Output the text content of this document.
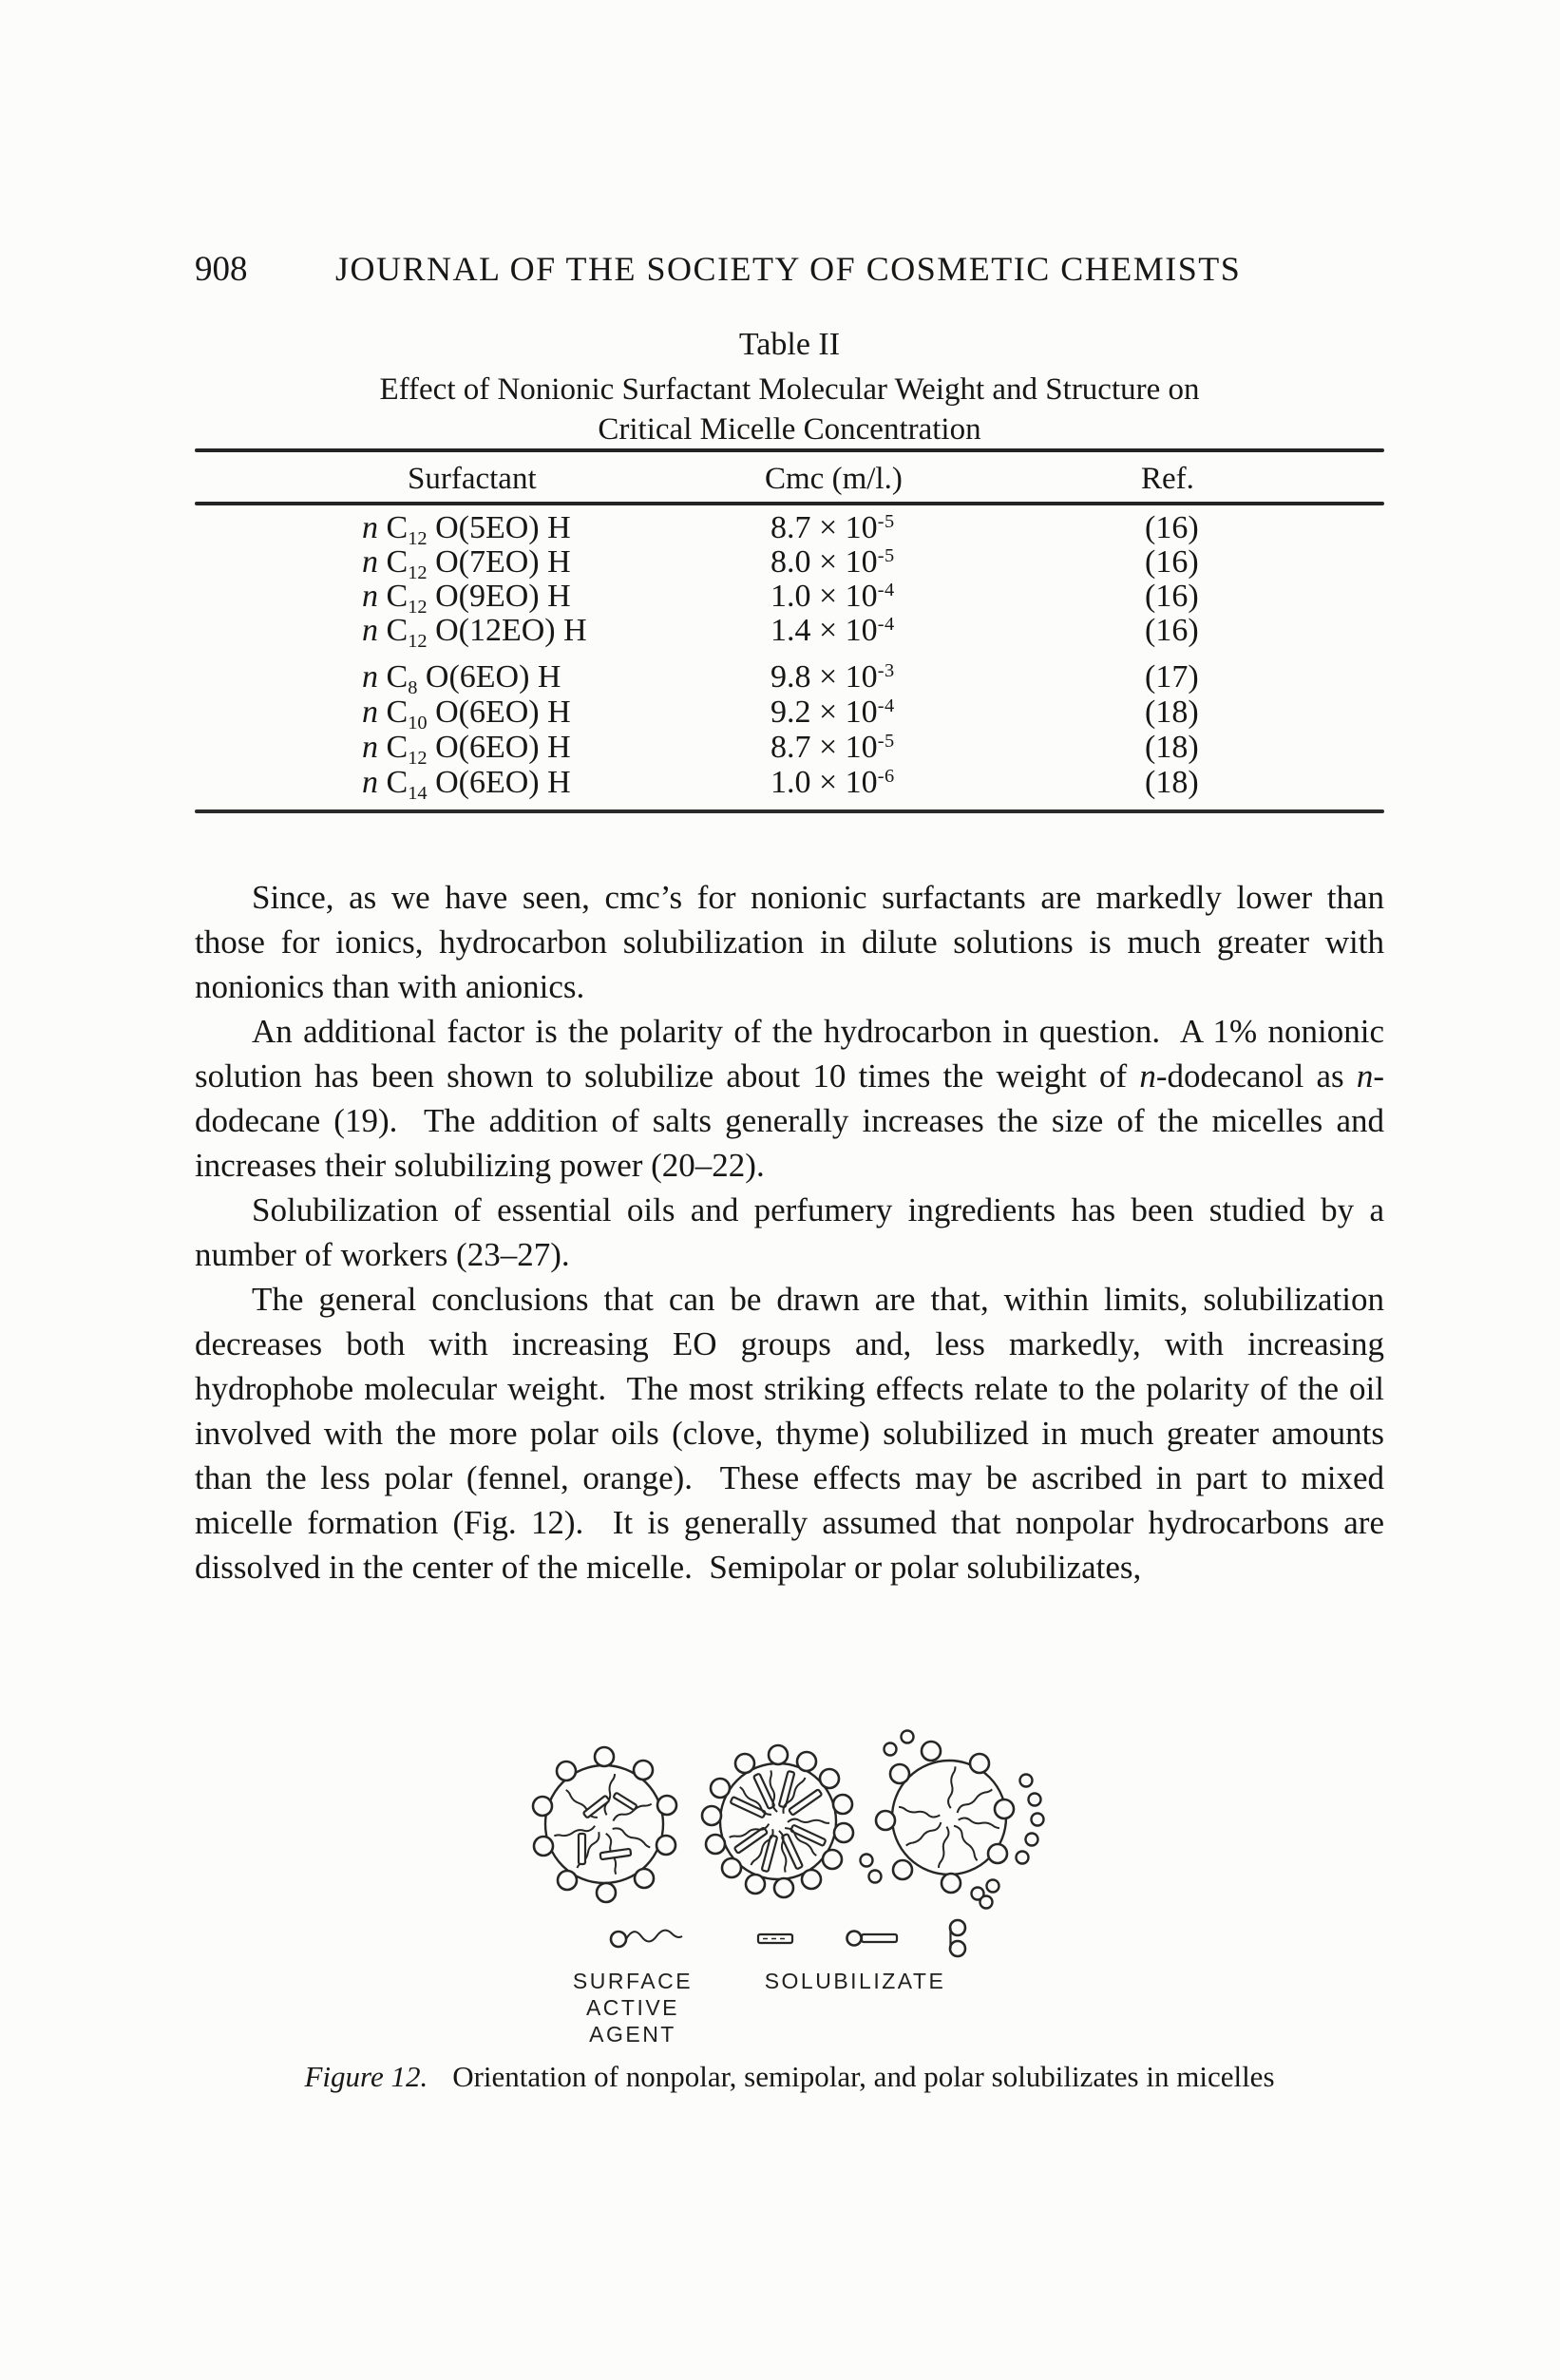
908	JOURNAL OF THE SOCIETY OF COSMETIC CHEMISTS
Table II
Effect of Nonionic Surfactant Molecular Weight and Structure on
Critical Micelle Concentration
Surfactant	Cmc (m/l.)	Ref.
n $C_{12}$ O(5EO) H	$8.7 \times 10^{-5}$	(16)
n $C_{12}$ O(7EO) H	$8.0 \times 10^{-5}$	(16)
n $C_{12}$ O(9EO) H	$1.0 \times 10^{-4}$	(16)
n $C_{12}$ O(12EO) H	$1.4 \times 10^{-4}$	(16)
n $C_8$ O(6EO) H	$9.8 \times 10^{-3}$	(17)
n $C_{10}$ O(6EO) H	$9.2 \times 10^{-4}$	(18)
n $C_{12}$ O(6EO) H	$8.7 \times 10^{-5}$	(18)
n $C_{14}$ O(6EO) H	$1.0 \times 10^{-6}$	(18)

Since, as we have seen, cmc’s for nonionic surfactants are markedly lower than those for ionics, hydrocarbon solubilization in dilute solutions is much greater with nonionics than with anionics.

An additional factor is the polarity of the hydrocarbon in question.  A 1% nonionic solution has been shown to solubilize about 10 times the weight of n-dodecanol as n-dodecane (19).  The addition of salts generally increases the size of the micelles and increases their solubilizing power (20–22).

Solubilization of essential oils and perfumery ingredients has been studied by a number of workers (23–27).

The general conclusions that can be drawn are that, within limits, solubilization decreases both with increasing EO groups and, less markedly, with increasing hydrophobe molecular weight.  The most striking effects relate to the polarity of the oil involved with the more polar oils (clove, thyme) solubilized in much greater amounts than the less polar (fennel, orange).  These effects may be ascribed in part to mixed micelle formation (Fig. 12).  It is generally assumed that nonpolar hydrocarbons are dissolved in the center of the micelle.  Semipolar or polar solubilizates,

SURFACE
ACTIVE
AGENT
SOLUBILIZATE
Figure 12. Orientation of nonpolar, semipolar, and polar solubilizates in micelles
